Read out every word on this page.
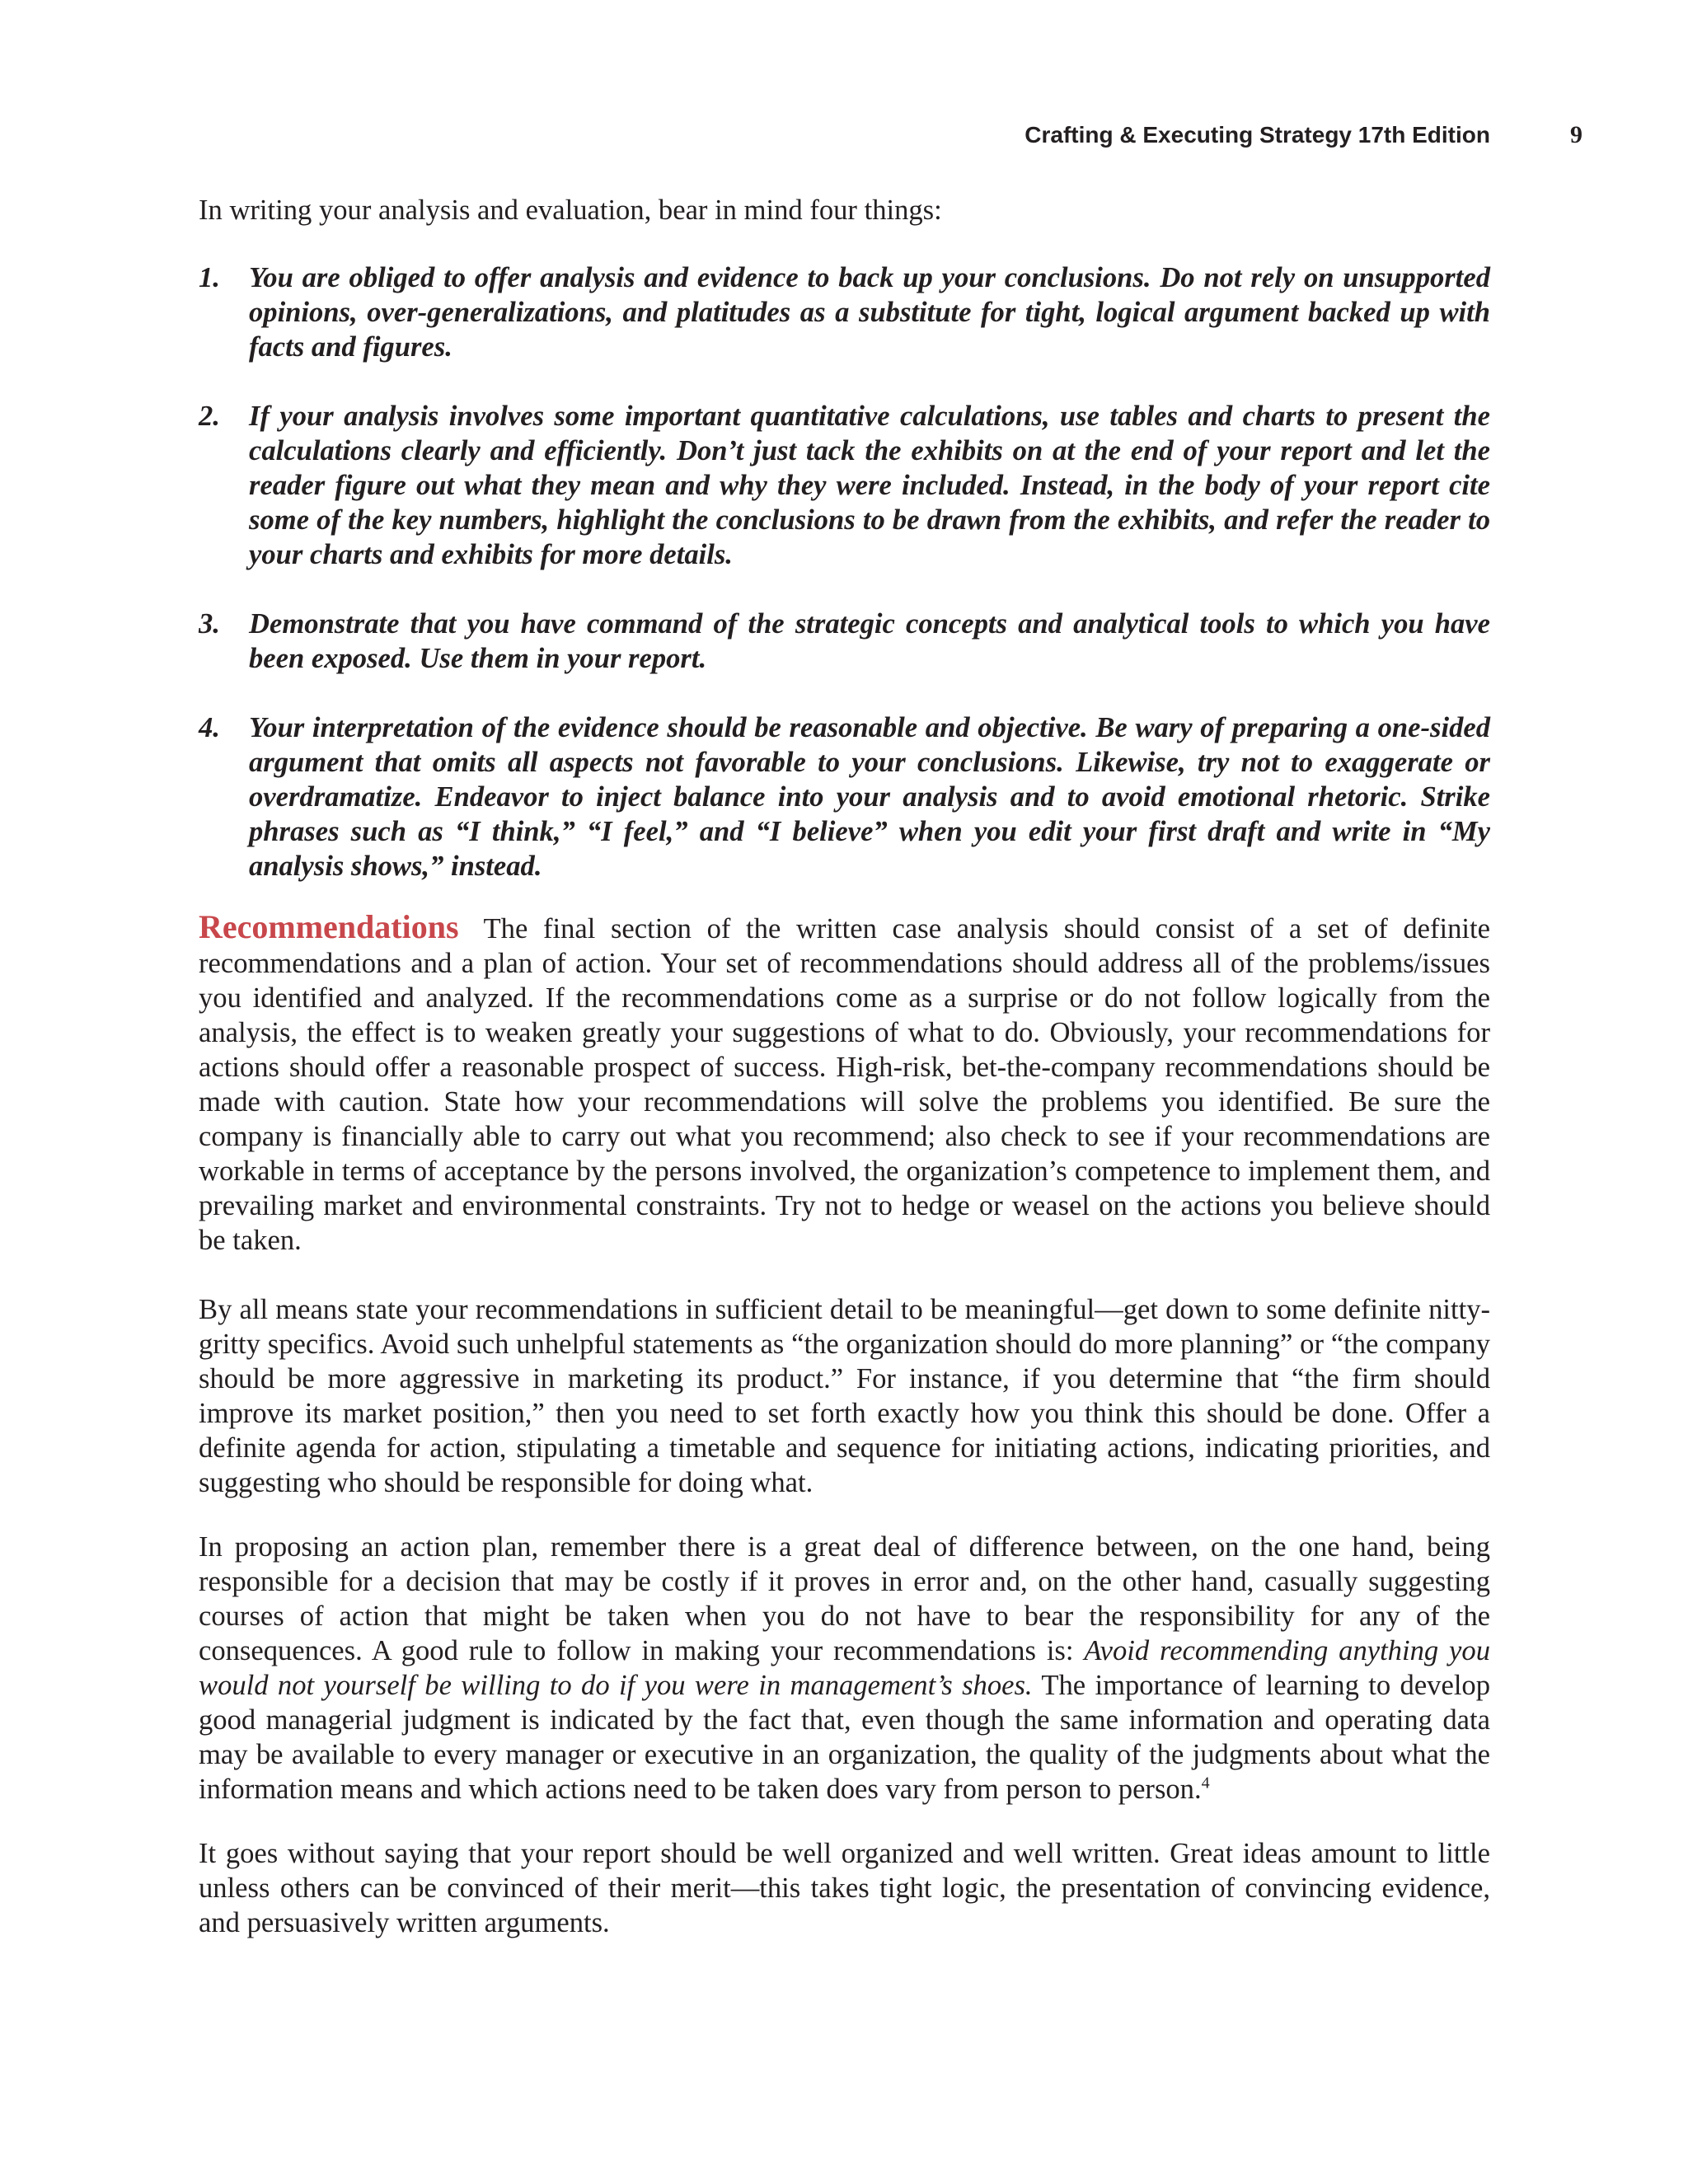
Crafting & Executing Strategy 17th Edition	9

In writing your analysis and evaluation, bear in mind four things:

1.	You are obliged to offer analysis and evidence to back up your conclusions. Do not rely on unsupported opinions, over-generalizations, and platitudes as a substitute for tight, logical argument backed up with facts and figures.
2.	If your analysis involves some important quantitative calculations, use tables and charts to present the calculations clearly and efficiently. Don’t just tack the exhibits on at the end of your report and let the reader figure out what they mean and why they were included. Instead, in the body of your report cite some of the key numbers, highlight the conclusions to be drawn from the exhibits, and refer the reader to your charts and exhibits for more details.
3.	Demonstrate that you have command of the strategic concepts and analytical tools to which you have been exposed. Use them in your report.
4.	Your interpretation of the evidence should be reasonable and objective. Be wary of preparing a one-sided argument that omits all aspects not favorable to your conclusions. Likewise, try not to exaggerate or overdramatize. Endeavor to inject balance into your analysis and to avoid emotional rhetoric. Strike phrases such as “I think,” “I feel,” and “I believe” when you edit your first draft and write in “My analysis shows,” instead.

Recommendations The final section of the written case analysis should consist of a set of definite recommendations and a plan of action. Your set of recommendations should address all of the problems/issues you identified and analyzed. If the recommendations come as a surprise or do not follow logically from the analysis, the effect is to weaken greatly your suggestions of what to do. Obviously, your recommendations for actions should offer a reasonable prospect of success. High-risk, bet-the-company recommendations should be made with caution. State how your recommendations will solve the problems you identified. Be sure the company is financially able to carry out what you recommend; also check to see if your recommendations are workable in terms of acceptance by the persons involved, the organization’s competence to implement them, and prevailing market and environmental constraints. Try not to hedge or weasel on the actions you believe should be taken.

By all means state your recommendations in sufficient detail to be meaningful—get down to some definite nitty-gritty specifics. Avoid such unhelpful statements as “the organization should do more planning” or “the company should be more aggressive in marketing its product.” For instance, if you determine that “the firm should improve its market position,” then you need to set forth exactly how you think this should be done. Offer a definite agenda for action, stipulating a timetable and sequence for initiating actions, indicating priorities, and suggesting who should be responsible for doing what.

In proposing an action plan, remember there is a great deal of difference between, on the one hand, being responsible for a decision that may be costly if it proves in error and, on the other hand, casually suggesting courses of action that might be taken when you do not have to bear the responsibility for any of the consequences. A good rule to follow in making your recommendations is: Avoid recommending anything you would not yourself be willing to do if you were in management’s shoes. The importance of learning to develop good managerial judgment is indicated by the fact that, even though the same information and operating data may be available to every manager or executive in an organization, the quality of the judgments about what the information means and which actions need to be taken does vary from person to person.$^4$

It goes without saying that your report should be well organized and well written. Great ideas amount to little unless others can be convinced of their merit—this takes tight logic, the presentation of convincing evidence, and persuasively written arguments.
